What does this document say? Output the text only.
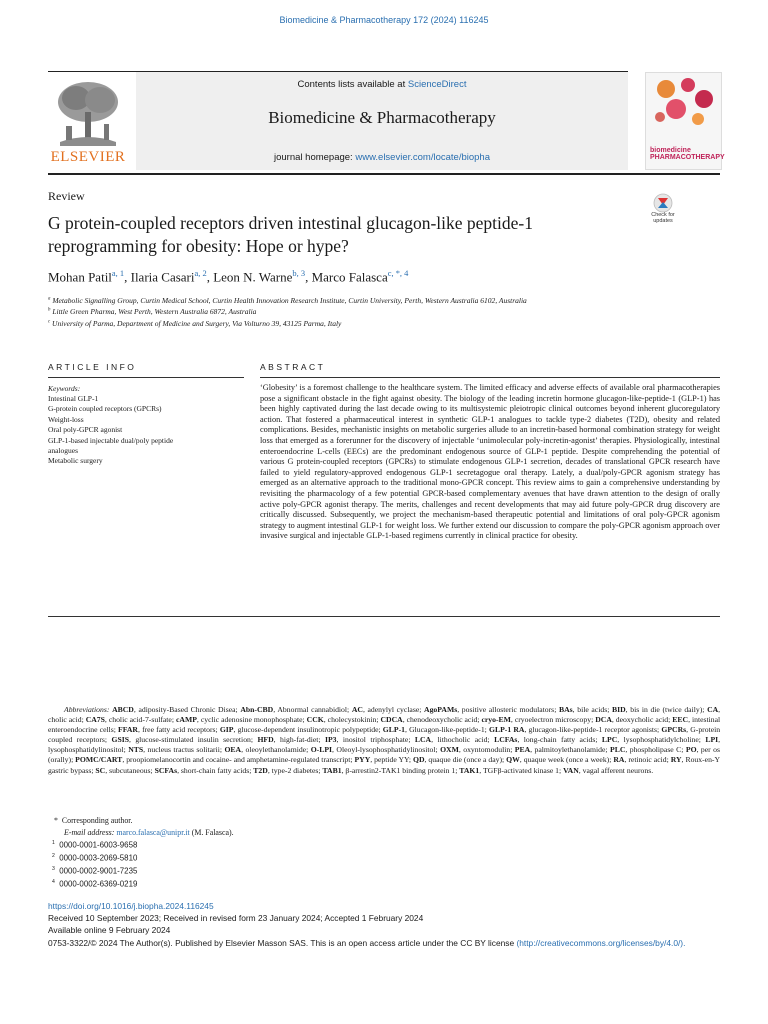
Biomedicine & Pharmacotherapy 172 (2024) 116245
ELSEVIER
Contents lists available at ScienceDirect
Biomedicine & Pharmacotherapy
journal homepage: www.elsevier.com/locate/biopha
biomedicine PHARMACOTHERAPY
Review
Check for updates
G protein-coupled receptors driven intestinal glucagon-like peptide-1 reprogramming for obesity: Hope or hype?
Mohan Patil$^{a, 1}$, Ilaria Casari$^{a, 2}$, Leon N. Warne$^{b, 3}$, Marco Falasca$^{c, *, 4}$
$^a$ Metabolic Signalling Group, Curtin Medical School, Curtin Health Innovation Research Institute, Curtin University, Perth, Western Australia 6102, Australia
$^b$ Little Green Pharma, West Perth, Western Australia 6872, Australia
$^c$ University of Parma, Department of Medicine and Surgery, Via Volturno 39, 43125 Parma, Italy
ARTICLE INFO	ABSTRACT
Keywords:
Intestinal GLP-1
G-protein coupled receptors (GPCRs)
Weight-loss
Oral poly-GPCR agonist
GLP-1-based injectable dual/poly peptide
analogues
Metabolic surgery
‘Globesity’ is a foremost challenge to the healthcare system. The limited efficacy and adverse effects of available oral pharmacotherapies pose a significant obstacle in the fight against obesity. The biology of the leading incretin hormone glucagon-like-peptide-1 (GLP-1) has been highly captivated during the last decade owing to its multisystemic pleiotropic clinical outcomes beyond inherent glucoregulatory action. That fostered a pharmaceutical interest in synthetic GLP-1 analogues to tackle type-2 diabetes (T2D), obesity and related complications. Besides, mechanistic insights on metabolic surgeries allude to an incretin-based hormonal combination strategy for weight loss that emerged as a forerunner for the discovery of injectable ‘unimolecular poly-incretin-agonist’ therapies. Physiologically, intestinal enteroendocrine L-cells (EECs) are the predominant endogenous source of GLP-1 peptide. Despite comprehending the potential of various G protein-coupled receptors (GPCRs) to stimulate endogenous GLP-1 secretion, decades of translational GPCR research have failed to yield regulatory-approved endogenous GLP-1 secretagogue oral therapy. Lately, a dual/poly-GPCR agonism strategy has emerged as an alternative approach to the traditional mono-GPCR concept. This review aims to gain a comprehensive understanding by revisiting the pharmacology of a few potential GPCR-based complementary avenues that have drawn attention to the design of orally active poly-GPCR agonist therapy. The merits, challenges and recent developments that may aid future poly-GPCR drug discovery are critically discussed. Subsequently, we project the mechanism-based therapeutic potential and limitations of oral poly-GPCR agonism strategy to augment intestinal GLP-1 for weight loss. We further extend our discussion to compare the poly-GPCR agonism approach over invasive surgical and injectable GLP-1-based regimens currently in clinical practice for obesity.
Abbreviations: ABCD, adiposity-Based Chronic Disea; Abn-CBD, Abnormal cannabidiol; AC, adenylyl cyclase; AgoPAMs, positive allosteric modulators; BAs, bile acids; BID, bis in die (twice daily); CA, cholic acid; CA7S, cholic acid-7-sulfate; cAMP, cyclic adenosine monophosphate; CCK, cholecystokinin; CDCA, chenodeoxycholic acid; cryo-EM, cryoelectron microscopy; DCA, deoxycholic acid; EEC, intestinal enteroendocrine cells; FFAR, free fatty acid receptors; GIP, glucose-dependent insulinotropic polypeptide; GLP-1, Glucagon-like-peptide-1; GLP-1 RA, glucagon-like-peptide-1 receptor agonists; GPCRs, G-protein coupled receptors; GSIS, glucose-stimulated insulin secretion; HFD, high-fat-diet; IP3, inositol triphosphate; LCA, lithocholic acid; LCFAs, long-chain fatty acids; LPC, lysophosphatidylcholine; LPI, lysophosphatidylinositol; NTS, nucleus tractus solitarii; OEA, oleoylethanolamide; O-LPI, Oleoyl-lysophosphatidylinositol; OXM, oxyntomodulin; PEA, palmitoylethanolamide; PLC, phospholipase C; PO, per os (orally); POMC/CART, proopiomelanocortin and cocaine- and amphetamine-regulated transcript; PYY, peptide YY; QD, quaque die (once a day); QW, quaque week (once a week); RA, retinoic acid; RY, Roux-en-Y gastric bypass; SC, subcutaneous; SCFAs, short-chain fatty acids; T2D, type-2 diabetes; TAB1, β-arrestin2-TAK1 binding protein 1; TAK1, TGFβ-activated kinase 1; VAN, vagal afferent neurons.
*  Corresponding author.
E-mail address: marco.falasca@unipr.it (M. Falasca).
$^1$ 0000-0001-6003-9658
$^2$ 0000-0003-2069-5810
$^3$ 0000-0002-9001-7235
$^4$ 0000-0002-6369-0219
https://doi.org/10.1016/j.biopha.2024.116245
Received 10 September 2023; Received in revised form 23 January 2024; Accepted 1 February 2024
Available online 9 February 2024
0753-3322/© 2024 The Author(s). Published by Elsevier Masson SAS. This is an open access article under the CC BY license (http://creativecommons.org/licenses/by/4.0/).
